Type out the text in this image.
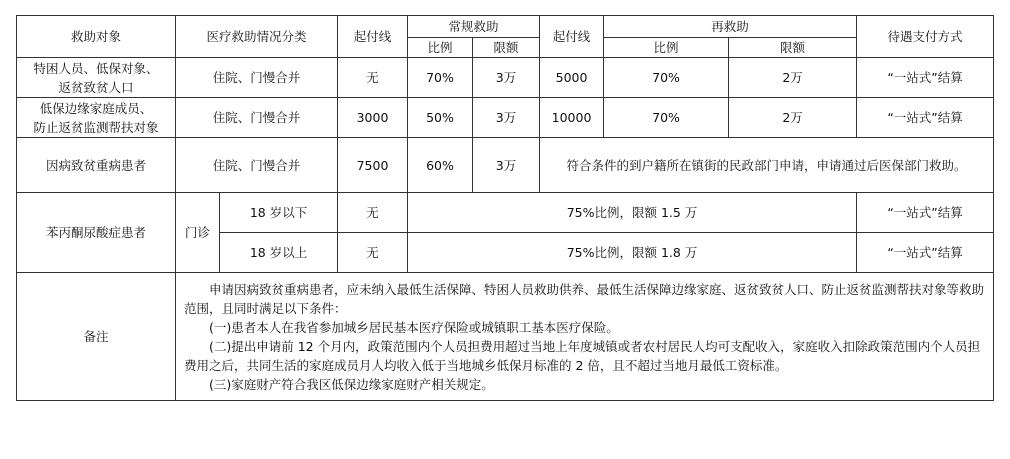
救助对象	医疗救助情况分类		起付线	常规救助		起付线	再救助		待遇支付方式
				比例	限额		比例	限额	

特困人员、低保对象、
返贫致贫人口	住院、门慢合并		无	70%	3万	5000	70%	2万	“一站式”结算

低保边缘家庭成员、
防止返贫监测帮扶对象	住院、门慢合并		3000	50%	3万	10000	70%	2万	“一站式”结算
因病致贫重病患者	住院、门慢合并		7500	60%	3万	符合条件的到户籍所在镇街的民政部门申请，申请通过后医保部门救助。			
苯丙酮尿酸症患者	门诊	18 岁以下	无	75%比例，限额 1.5 万					“一站式”结算
		18 岁以上	无	75%比例，限额 1.8 万					“一站式”结算
备注	申请因病致贫重病患者，应未纳入最低生活保障、特困人员救助供养、最低生活保障边缘家庭、返贫致贫人口、防止返贫监测帮扶对象等救助范围，且同时满足以下条件：

(一)患者本人在我省参加城乡居民基本医疗保险或城镇职工基本医疗保险。

(二)提出申请前 12 个月内，政策范围内个人员担费用超过当地上年度城镇或者农村居民人均可支配收入，家庭收入扣除政策范围内个人员担费用之后，共同生活的家庭成员月人均收入低于当地城乡低保月标准的 2 倍，且不超过当地月最低工资标准。

(三)家庭财产符合我区低保边缘家庭财产相关规定。								
